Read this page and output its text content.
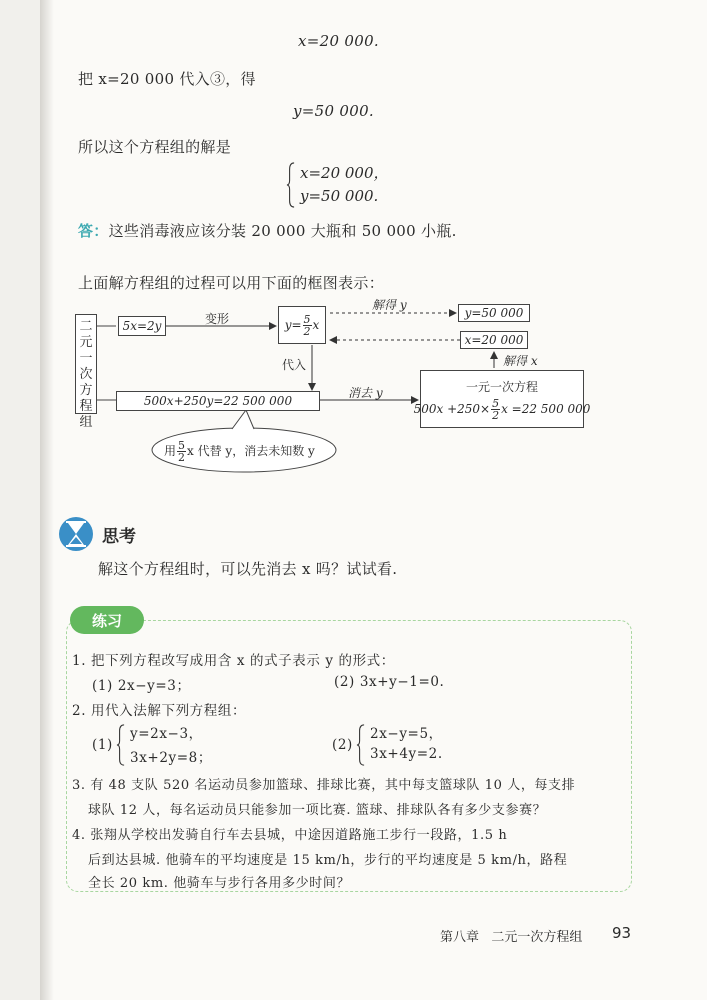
x=20 000.
把 x=20 000 代入③，得
y=50 000.
所以这个方程组的解是
x=20 000，
y=50 000.
答：这些消毒液应该分装 20 000 大瓶和 50 000 小瓶.
上面解方程组的过程可以用下面的框图表示：
二元一次方程组
5x=2y	变形	$y= \frac{5}{2}$ x
代入
500x+250y=22 500 000
消去 y	一元一次方程
$500x +250\times \frac{5}{2}$ x =22 500 000
解得 x
x=20 000
y=50 000
解得 y
用 $\frac{5}{2}$ x 代替 y，消去未知数 y
思考
解这个方程组时，可以先消去 x 吗？试试看.
练习
1. 把下列方程改写成用含 x 的式子表示 y 的形式：
(1) 2x−y=3；	(2) 3x+y−1=0.
2. 用代入法解下列方程组：
(1)
y=2x−3，
3x+2y=8；
(2)
2x−y=5，
3x+4y=2.
3. 有 48 支队 520 名运动员参加篮球、排球比赛，其中每支篮球队 10 人，每支排
球队 12 人，每名运动员只能参加一项比赛. 篮球、排球队各有多少支参赛？
4. 张翔从学校出发骑自行车去县城，中途因道路施工步行一段路，1.5 h
后到达县城. 他骑车的平均速度是 15 km/h，步行的平均速度是 5 km/h，路程
全长 20 km. 他骑车与步行各用多少时间？
第八章   二元一次方程组 93
